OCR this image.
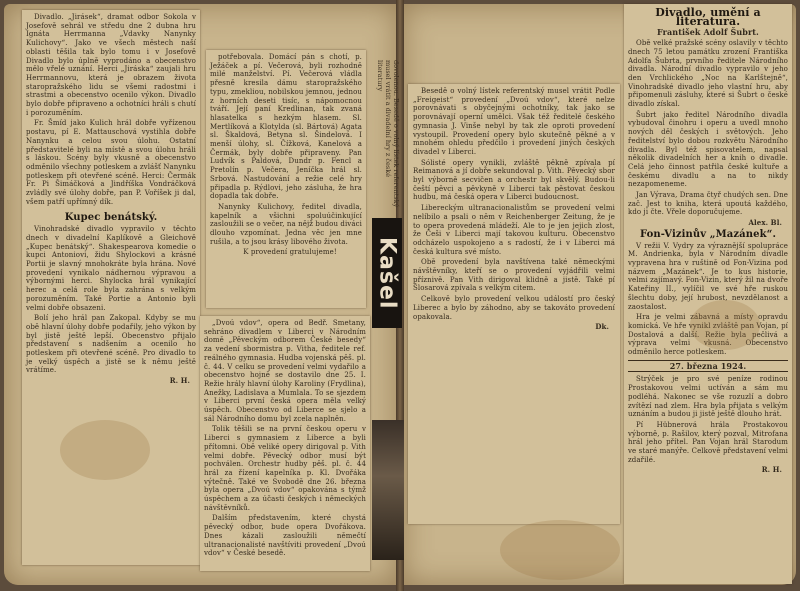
Divadlo. „Jirásek“, dramat odbor Sokola v Josefově sehrál ve středu dne 2 dubna hru Ignáta Herrmanna „Vdavky Nanynky Kulichovy“. Jako ve všech městech naší oblasti těšila tak bylo tomu i v Josefově Divadlo bylo úplně vyprodáno a obecenstvo mělo vřelé uznání. Herci „Jiráska“ zaujali hru Herrmannovu, která je obrazem života staropražského lidu se všemi radostmi i strastmi a obecenstvo ocenilo výkon. Divadlo bylo dobře připraveno a ochotníci hráli s chutí i porozuměním.

Fr. Šmíd jako Kulich hrál dobře vyřízenou postavu, pí E. Mattauschová vystihla dobře Nanynku a celou svou úlohu. Ostatní představitelé byli na místě a svou úlohu hráli s láskou. Scény byly vkusně a obecenstvo odměnilo všechny potleskem a zvlášť Nanynku potleskem při otevřené scéně. Herci: Čermák Fr. Pi Šimáčková a Jindříška Vondráčková zvládly své úlohy dobře, pan P. Voříšek ji dal, všem patří upřímný dík.

Kupec benátský.

Vinohradské divadlo vypravilo v těchto dnech v divadelní Kaplíkově a Gleichově „Kupec benátský“. Shakespearova komedie o kupci Antoniovi, židu Shylockovi a krásné Portii je slavný mnohokráte byla hrána. Nové provedení vynikalo nádhernou výpravou a výbornými herci. Shylocka hrál vynikající herec a celá role byla zahrána s velkým porozuměním. Také Portie a Antonio byli velmi dobře obsazeni.

Bolí jeho hrál pan Zakopal. Kdyby se mu obě hlavní úlohy dobře podařily, jeho výkon by byl jistě ještě lepší. Obecenstvo přijalo představení s nadšením a ocenilo ho potleskem při otevřené scéně. Pro divadlo to je velký úspěch a jistě se k němu ještě vrátíme.

R. H.

potřebovala. Domácí pán s chotí, p. Ježáček a pí. Večerová, byli rozhodně milé manželství. Pí. Večerová vládla přesně kresila dámu staropražského typu, zmekliou, nobilskou jemnou, jednou z horních deseti tisíc, s nápomocnou tváří. Její paní Kredlinan, tak zvaná hlasatelka s hezkým hlasem. Sl. Mertlíková a Klotylda (sl. Bártová) Agata sl. Škaldová, Betyna sl. Šindelová. I menší úlohy, sl. Čížková, Kanelová a Čermák, byly dobře připraveny. Pan Ludvík s Paldová, Dundr p. Fencl a Pretolín p. Večera, Jeníčka hrál sl. Srbová. Nastudování a režie celé hry připadla p. Rýdlovi, jeho zásluha, že hra dopadla tak dobře.

Nanynky Kulichovy, ředitel divadla, kapelník a všichni spoluúčinkující zasloužili se o večer, na nějž budou diváci dlouho vzpomínat. Jedna věc jen mne rušila, a to jsou krásy libového života.

K provedení gratulujeme!

„Dvoú vdov“, opera od Bedř. Smetany, sehráno divadlem v Liberci v Národním domě „Pěveckým odborem České besedy“ za vedení sbormistra p. Vitha, ředitele ref. reálného gymnasia. Hudba vojenská pěš. pl. č. 44. V celku se provedení velmi vydařilo a obecenstvo hojně se dostavilo dne 25. I. Režie hrály hlavní úlohy Karoliny (Frydlina), Anežky, Ladislava a Mumlala. To se sjezdem v Liberci první česká opera měla velký úspěch. Obecenstvo od Liberce se sjelo a sál Národního domu byl zcela naplněn.

Tolik těšili se na první českou operu v Liberci s gymnasiem z Liberce a byli přítomni. Obě veliké opery dirigoval p. Vith velmi dobře. Pěvecký odbor musí být pochválen. Orchestr hudby pěš. pl. č. 44 hrál za řízení kapelníka p. Kl. Dvořáka výtečně. Také ve Svobodě dne 26. března byla opera „Dvoú vdov“ opakována s týmž úspěchem a za účasti českých i německých návštěvníků.

Dalším představením, které chystá pěvecký odbor, bude opera Dvořákova. Dnes kázali zasloužili němečtí ultranacionalisté navštíviti provedení „Dvoú vdov“ v České besedě.

dovolenou. Besedě o volný lístek referentský musel vrátit a divadelní hry z české literatury
Kašel

Besedě o volný lístek referentský musel vrátit Podle „Freigeist“ provedení „Dvoú vdov“, které nelze porovnávati s obyčejnými ochotníky, tak jako se porovnávají operní umělci. Však též ředitelé českého gymnasia J. Vinše nebyl by tak zle oproti provedení vystoupil. Provedení opery bylo skutečně pěkné a v mnohém ohledu předčilo i provedení jiných českých divadel v Liberci.

Sólisté opery vynikli, zvláště pěkně zpívala pí Reimanová a jí dobře sekundoval p. Vith. Pěvecký sbor byl výborně secvičen a orchestr byl skvělý. Budou-li čeští pěvci a pěvkyně v Liberci tak pěstovat českou hudbu, má česká opera v Liberci budoucnost.

Libereckým ultranacionalistům se provedení velmi nelíbilo a psali o něm v Reichenberger Zeitung, že je to opera provedená mládeží. Ale to je jen jejich zlost, že Češi v Liberci mají takovou kulturu. Obecenstvo odcházelo uspokojeno a s radostí, že i v Liberci má česká kultura své místo.

Obě provedení byla navštívena také německými návštěvníky, kteří se o provedení vyjádřili velmi příznivě. Pan Vith dirigoval klidně a jistě. Také pí Šlosarová zpívala s velkým citem.

Celkově bylo provedení velkou událostí pro český Liberec a bylo by záhodno, aby se takováto provedení opakovala.

Dk.
Divadlo, umění a literatura.
František Adolf Šubrt.

Obě velké pražské scény oslavily v těchto dnech 75 letou památku zrození Františka Adolfa Šubrta, prvního ředitele Národního divadla. Národní divadlo vypravilo v jeho den Vrchlického „Noc na Karlštejně“, Vinohradské divadlo jeho vlastní hru, aby připomenuli zásluhy, které si Šubrt o české divadlo získal.

Šubrt jako ředitel Národního divadla vybudoval činohru i operu a uvedl mnoho nových děl českých i světových. Jeho ředitelství bylo dobou rozkvětu Národního divadla. Byl též spisovatelem, napsal několik divadelních her a knih o divadle. Celá jeho činnost patřila české kultuře a českému divadlu a na to nikdy nezapomeneme.

Jan Výrava, Drama čtyř chudých sen. Dne zač. Jest to kniha, která upoutá každého, kdo ji čte. Vřele doporučujeme.

Alex. Bl.
Fon-Vizinův „Mazánek“.

V režii V. Vydry za výraznější spolupráce M. Andrienka, byla v Národním divadle vypravena hra v ruštině od Fon-Vizina pod názvem „Mazánek“. Je to kus historie, velmi zajímavý. Fon-Vizin, který žil na dvoře Kateřiny II., vylíčil ve své hře ruskou šlechtu doby, její hrubost, nevzdělanost a zaostalost.

Hra je velmi zábavná a místy opravdu komická. Ve hře vynikl zvláště pan Vojan, pí Dostalová a další. Režie byla pečlivá a výprava velmi vkusná. Obecenstvo odměnilo herce potleskem.

27. března 1924.

Strýček je pro své peníze rodinou Prostakovou velmi uctíván a sám mu podléhá. Nakonec se vše rozuzlí a dobro zvítězí nad zlem. Hra byla přijata s velkým uznáním a budou ji jistě ještě dlouho hrát.

Pí Hübnerová hrála Prostakovou výborně, p. Rašilov, který pozval, Mitrofana hrál jeho přítel. Pan Vojan hrál Starodum ve staré manýře. Celkově představení velmi zdařilé.

R. H.
